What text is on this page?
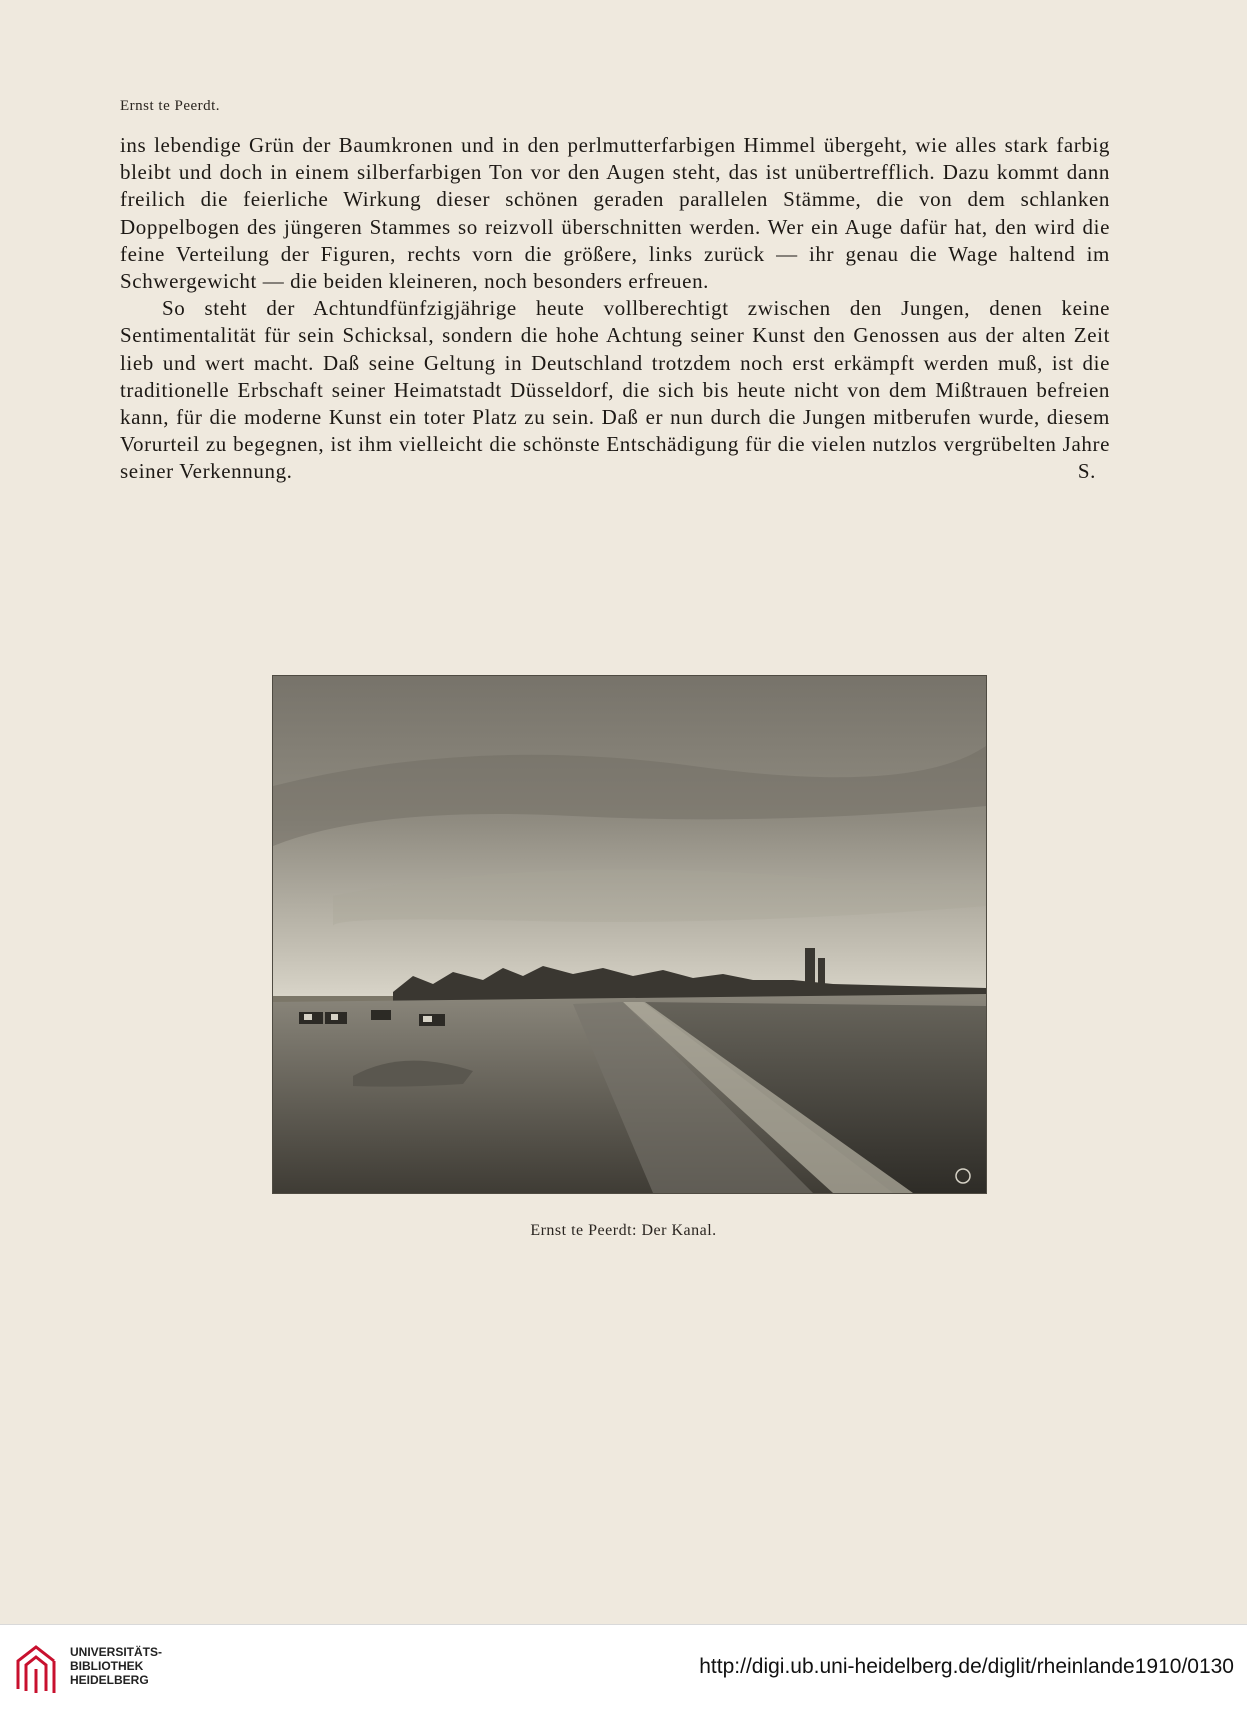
Ernst te Peerdt.

ins lebendige Grün der Baumkronen und in den perlmutterfarbigen Himmel übergeht, wie alles stark farbig bleibt und doch in einem silberfarbigen Ton vor den Augen steht, das ist unübertrefflich. Dazu kommt dann freilich die feierliche Wirkung dieser schönen geraden parallelen Stämme, die von dem schlanken Doppelbogen des jüngeren Stammes so reizvoll überschnitten werden. Wer ein Auge dafür hat, den wird die feine Verteilung der Figuren, rechts vorn die größere, links zurück — ihr genau die Wage haltend im Schwergewicht — die beiden kleineren, noch besonders erfreuen.

So steht der Achtundfünfzigjährige heute vollberechtigt zwischen den Jungen, denen keine Sentimentalität für sein Schicksal, sondern die hohe Achtung seiner Kunst den Genossen aus der alten Zeit lieb und wert macht. Daß seine Geltung in Deutschland trotzdem noch erst erkämpft werden muß, ist die traditionelle Erbschaft seiner Heimatstadt Düsseldorf, die sich bis heute nicht von dem Mißtrauen befreien kann, für die moderne Kunst ein toter Platz zu sein. Daß er nun durch die Jungen mitberufen wurde, diesem Vorurteil zu begegnen, ist ihm vielleicht die schönste Entschädigung für die vielen nutzlos vergrübelten Jahre seiner Verkennung.	S.

Ernst te Peerdt: Der Kanal.
UNIVERSITÄTS-
BIBLIOTHEK
HEIDELBERG
http://digi.ub.uni-heidelberg.de/diglit/rheinlande1910/0130
